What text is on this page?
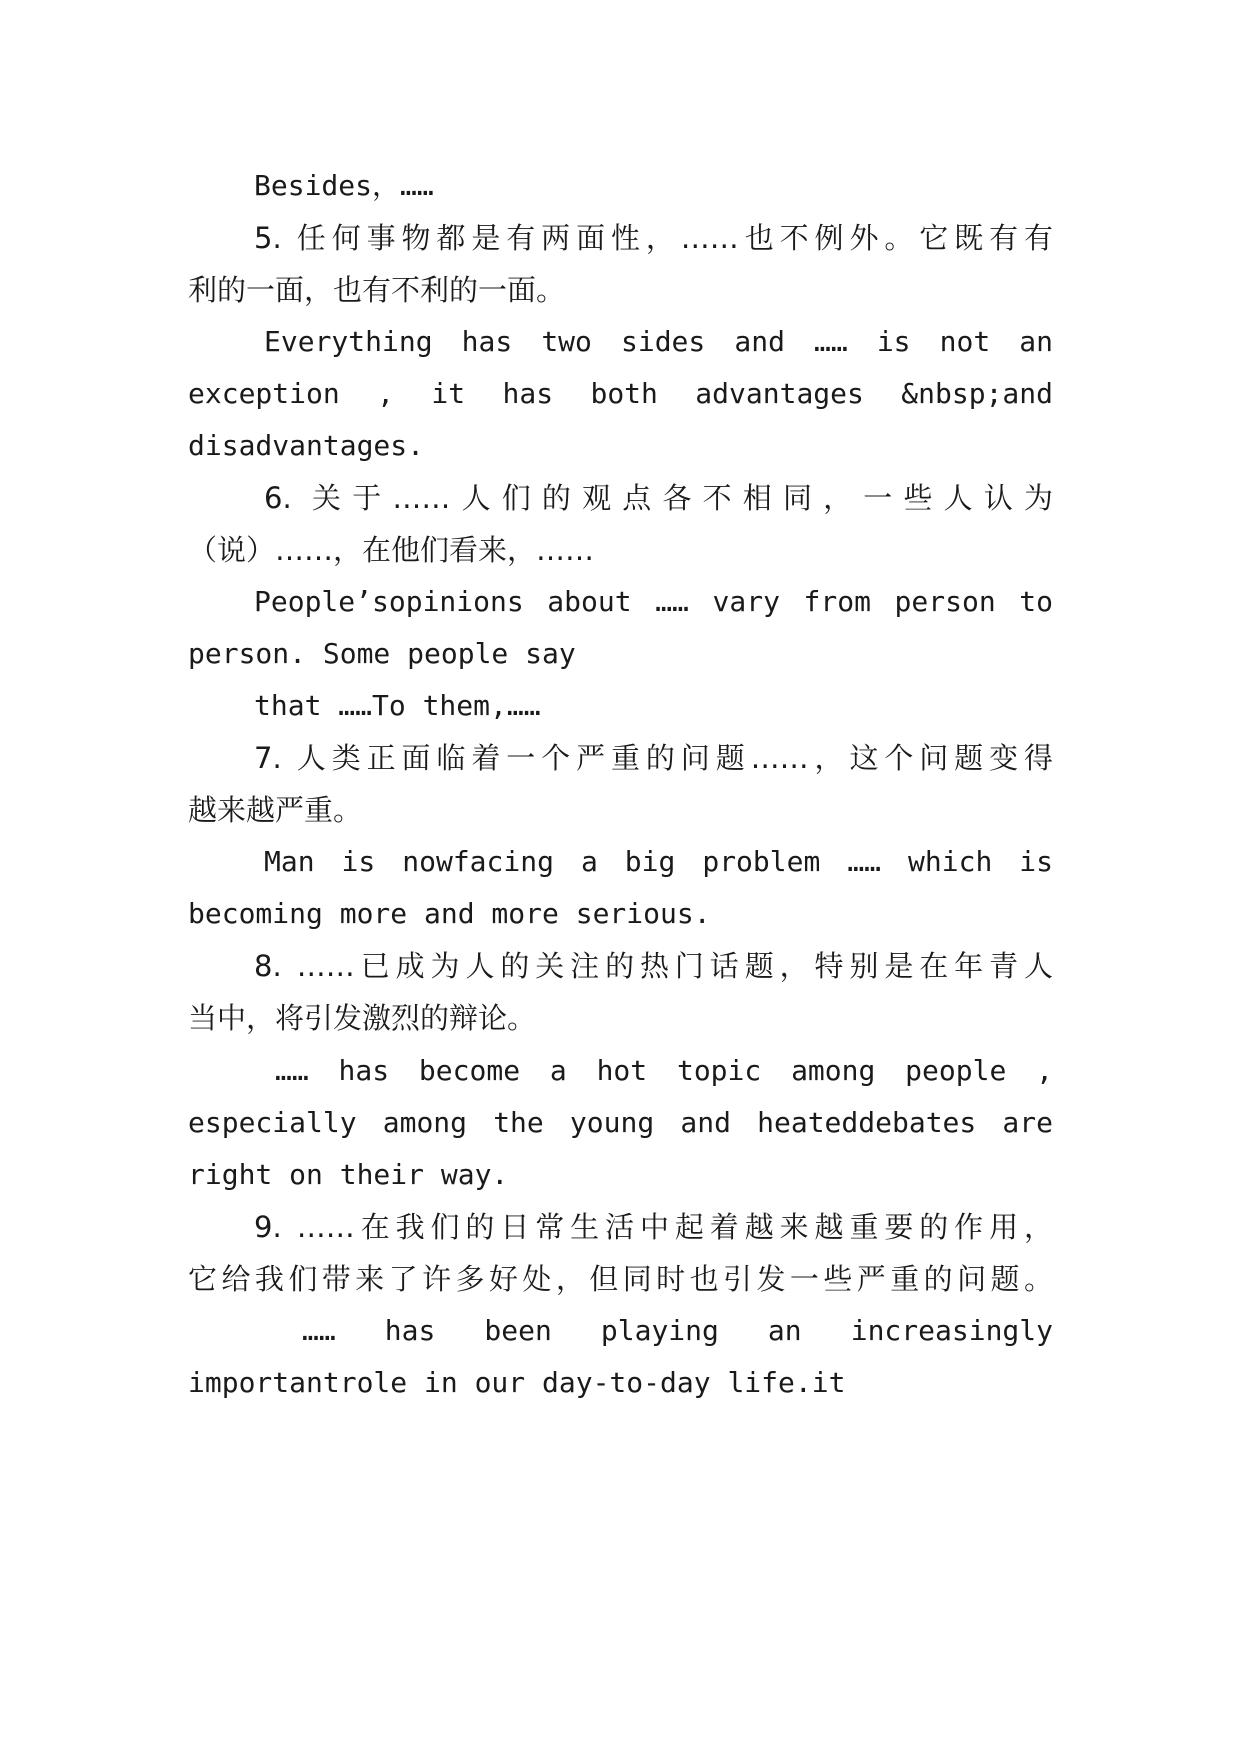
Besides，……
5. 任何事物都是有两面性，……也不例外。它既有有
利的一面，也有不利的一面。
Everything has two sides and …… is not an
exception , it has both advantages &nbsp;and
disadvantages.
6. 关于……人们的观点各不相同，一些人认为
（说）……，在他们看来，……
People’sopinions about …… vary from person to
person. Some people say
that ……To them,……
7. 人类正面临着一个严重的问题……，这个问题变得
越来越严重。
Man is nowfacing a big problem …… which is
becoming more and more serious.
8. ……已成为人的关注的热门话题，特别是在年青人
当中，将引发激烈的辩论。
…… has become a hot topic among people ,
especially among the young and heateddebates are
right on their way.
9. ……在我们的日常生活中起着越来越重要的作用，
它给我们带来了许多好处，但同时也引发一些严重的问题。
…… has been playing an increasingly
importantrole in our day-to-day life.it
